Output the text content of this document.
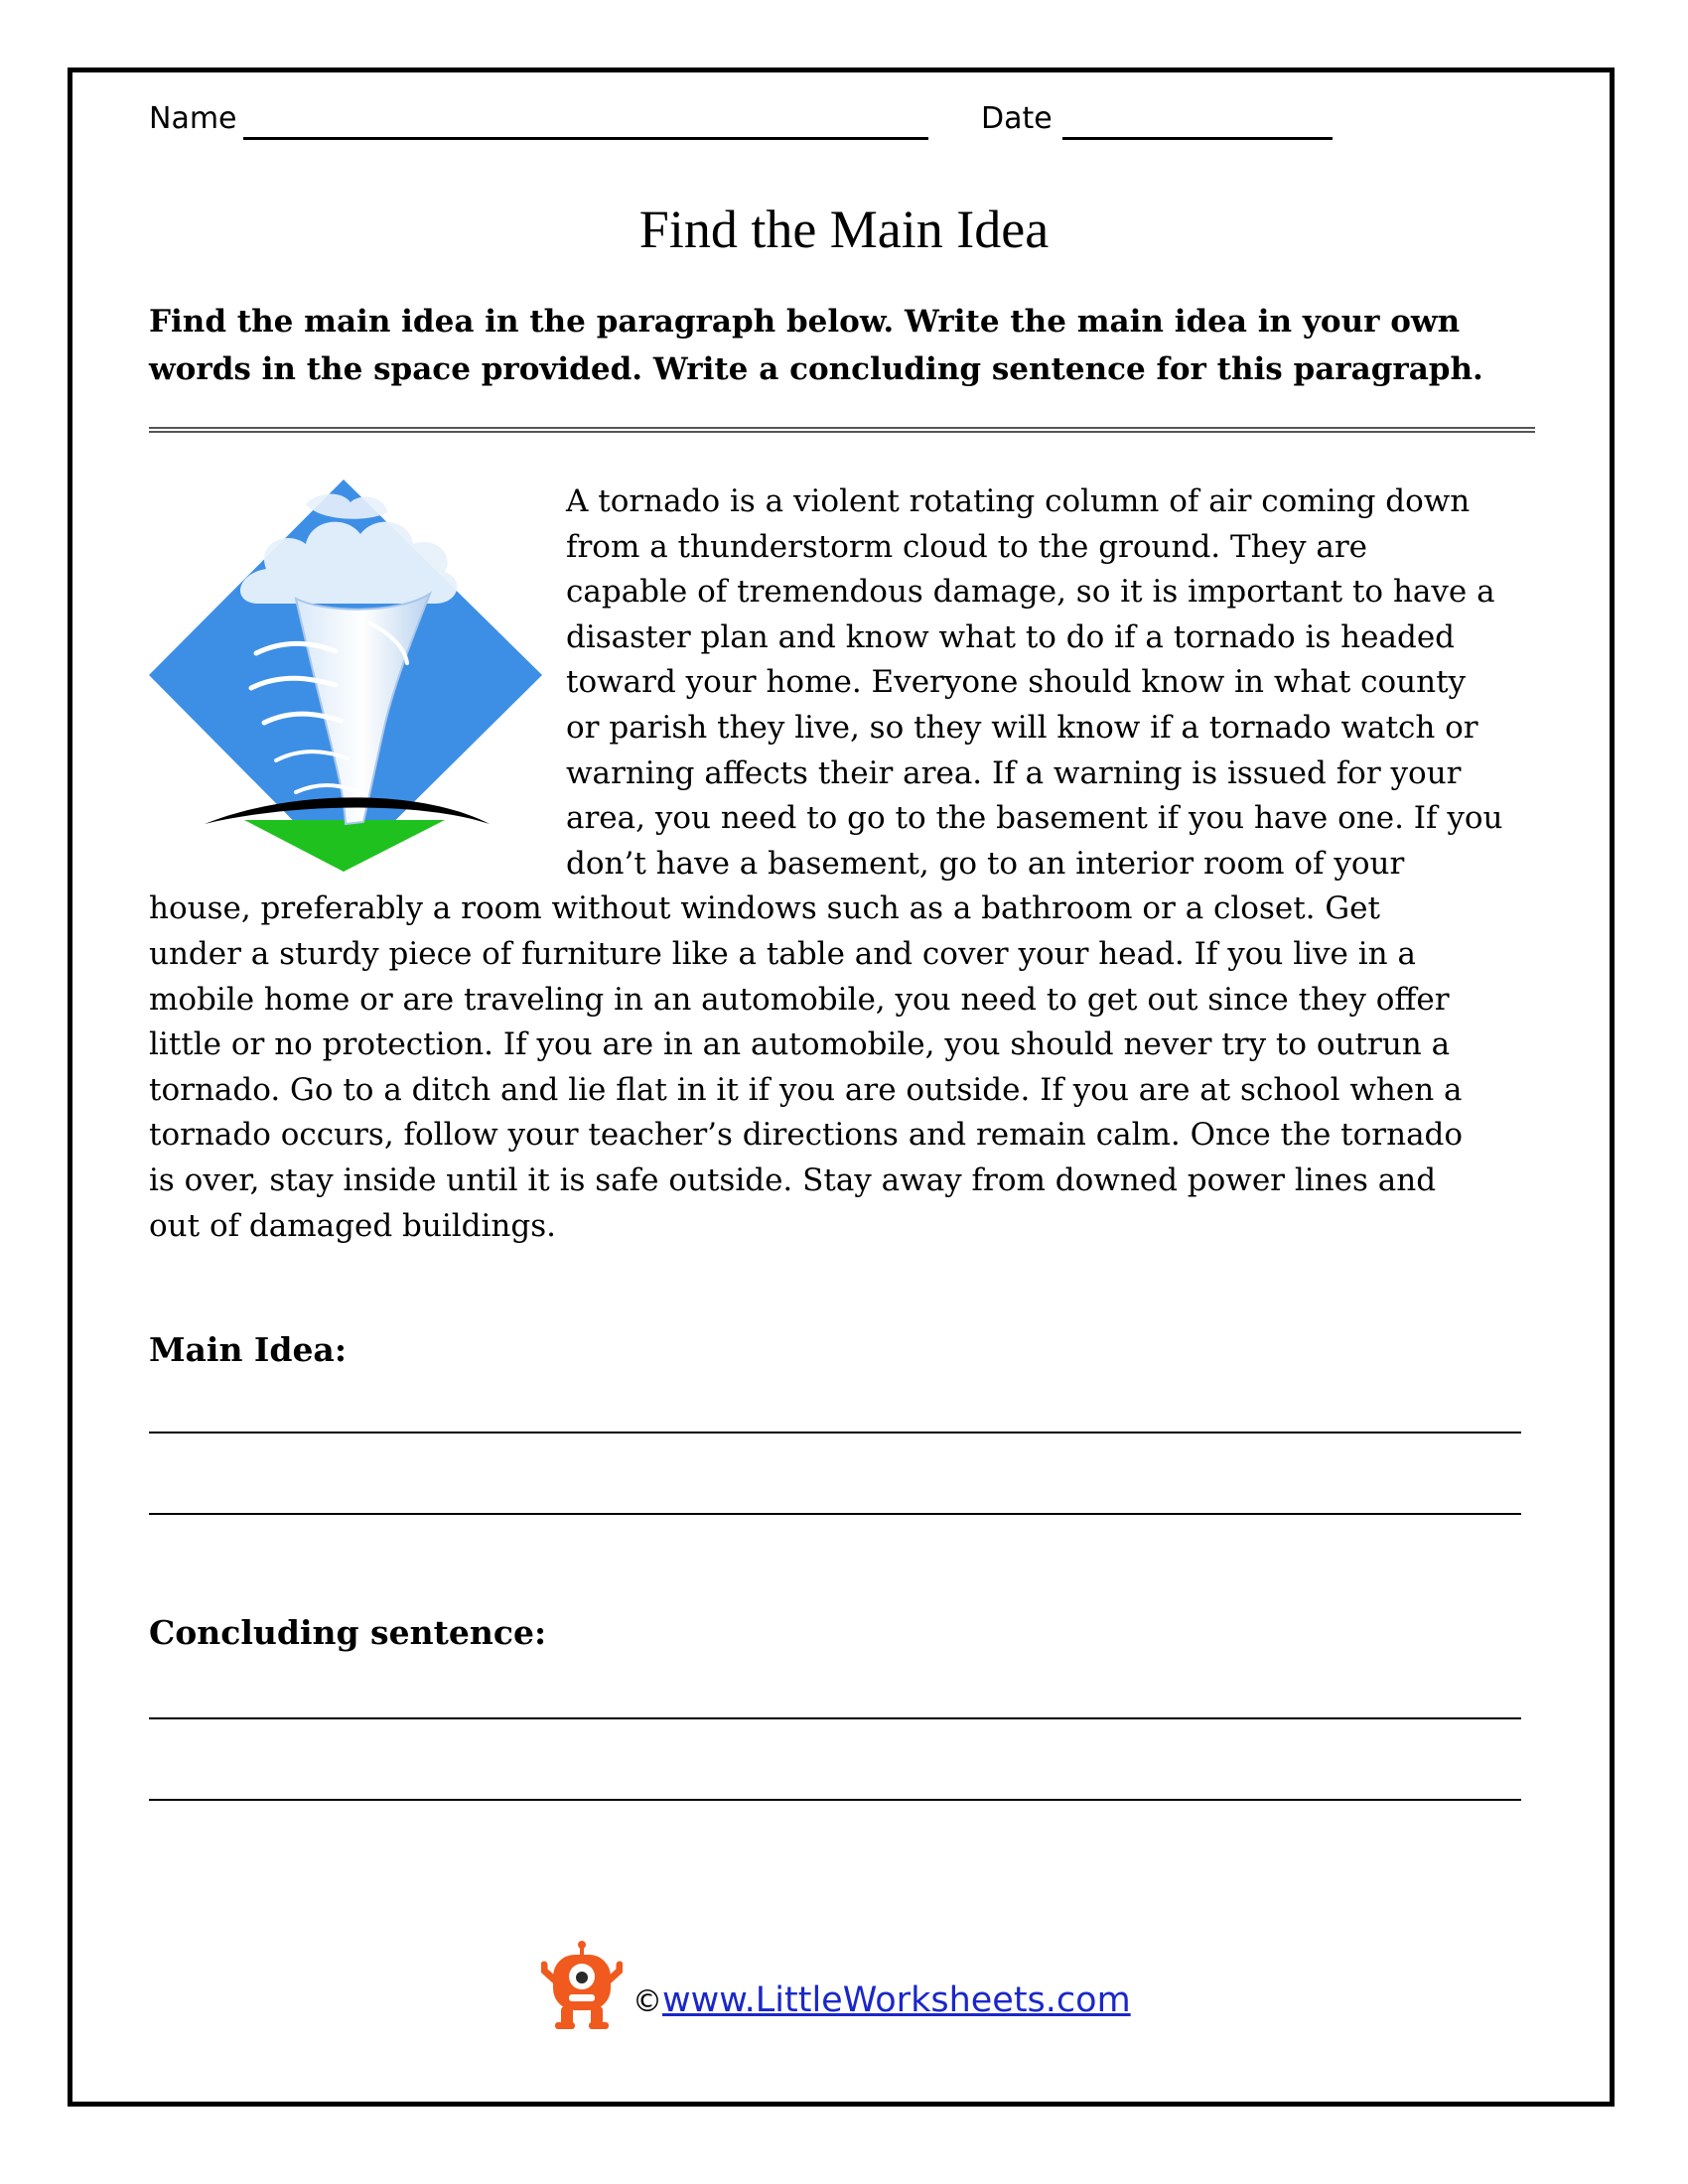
Name	Date
Find the Main Idea
Find the main idea in the paragraph below. Write the main idea in your own
words in the space provided. Write a concluding sentence for this paragraph.
A tornado is a violent rotating column of air coming down
from a thunderstorm cloud to the ground. They are
capable of tremendous damage, so it is important to have a
disaster plan and know what to do if a tornado is headed
toward your home. Everyone should know in what county
or parish they live, so they will know if a tornado watch or
warning affects their area. If a warning is issued for your
area, you need to go to the basement if you have one. If you
don’t have a basement, go to an interior room of your
house, preferably a room without windows such as a bathroom or a closet. Get
under a sturdy piece of furniture like a table and cover your head. If you live in a
mobile home or are traveling in an automobile, you need to get out since they offer
little or no protection. If you are in an automobile, you should never try to outrun a
tornado. Go to a ditch and lie flat in it if you are outside. If you are at school when a
tornado occurs, follow your teacher’s directions and remain calm. Once the tornado
is over, stay inside until it is safe outside. Stay away from downed power lines and
out of damaged buildings.
Main Idea:
Concluding sentence:
©www.LittleWorksheets.com
